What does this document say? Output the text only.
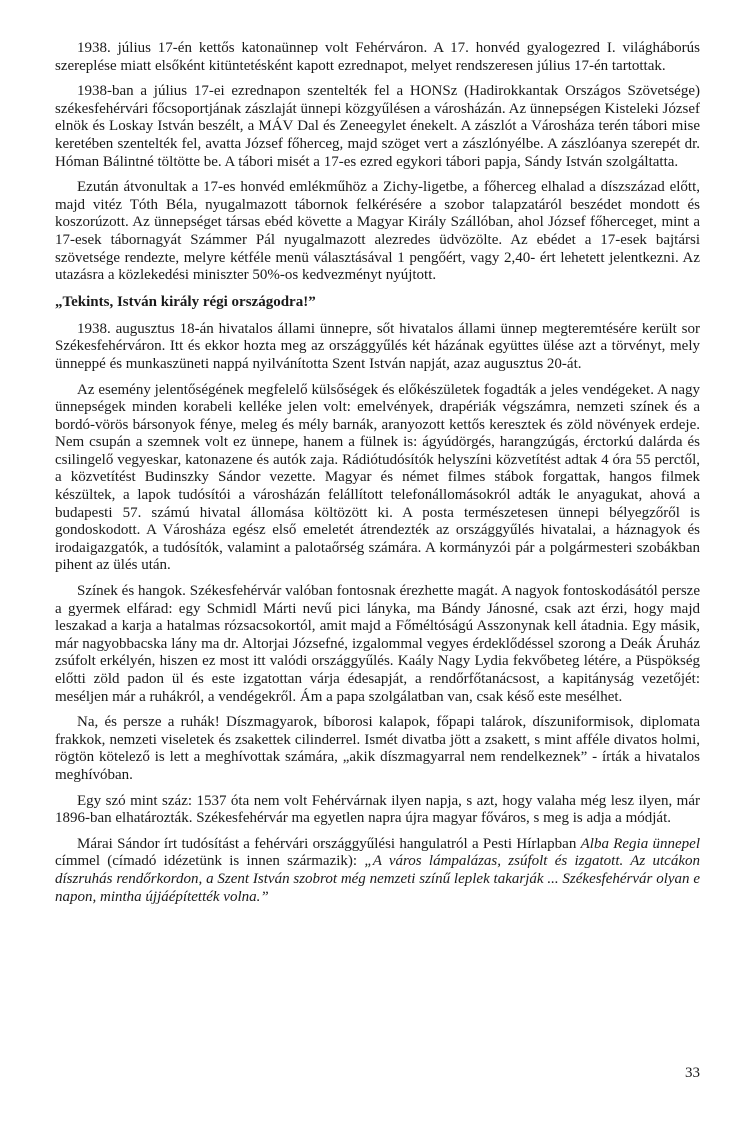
1938. július 17-én kettős katonaünnep volt Fehérváron. A 17. honvéd gyalogezred I. világháborús szereplése miatt elsőként kitüntetésként kapott ezrednapot, melyet rendszeresen július 17-én tartottak.

1938-ban a július 17-ei ezrednapon szentelték fel a HONSz (Hadirokkantak Országos Szövetsége) székesfehérvári főcsoportjának zászlaját ünnepi közgyűlésen a városházán. Az ünnepségen Kisteleki József elnök és Loskay István beszélt, a MÁV Dal és Zeneegylet énekelt. A zászlót a Városháza terén tábori mise keretében szentelték fel, avatta József főherceg, majd szöget vert a zászlónyélbe. A zászlóanya szerepét dr. Hóman Bálintné töltötte be. A tábori misét a 17-es ezred egykori tábori papja, Sándy István szolgáltatta.

Ezután átvonultak a 17-es honvéd emlékműhöz a Zichy-ligetbe, a főherceg elhalad a díszszázad előtt, majd vitéz Tóth Béla, nyugalmazott tábornok felkérésére a szobor talapzatáról beszédet mondott és koszorúzott. Az ünnepséget társas ebéd követte a Magyar Király Szállóban, ahol József főherceget, mint a 17-esek tábornagyát Számmer Pál nyugalmazott alezredes üdvözölte. Az ebédet a 17-esek bajtársi szövetsége rendezte, melyre kétféle menü választásával 1 pengőért, vagy 2,40- ért lehetett jelentkezni. Az utazásra a közlekedési miniszter 50%-os kedvezményt nyújtott.

„Tekints, István király régi országodra!”

1938. augusztus 18-án hivatalos állami ünnepre, sőt hivatalos állami ünnep megteremtésére került sor Székesfehérváron. Itt és ekkor hozta meg az országgyűlés két házának együttes ülése azt a törvényt, mely ünneppé és munkaszüneti nappá nyilvánította Szent István napját, azaz augusztus 20-át.

Az esemény jelentőségének megfelelő külsőségek és előkészületek fogadták a jeles vendégeket. A nagy ünnepségek minden korabeli kelléke jelen volt: emelvények, drapériák végszámra, nemzeti színek és a bordó-vörös bársonyok fénye, meleg és mély barnák, aranyozott kettős keresztek és zöld növények erdeje. Nem csupán a szemnek volt ez ünnepe, hanem a fülnek is: ágyúdörgés, harangzúgás, érctorkú dalárda és csilingelő vegyeskar, katonazene és autók zaja. Rádiótudósítók helyszíni közvetítést adtak 4 óra 55 perctől, a közvetítést Budinszky Sándor vezette. Magyar és német filmes stábok forgattak, hangos filmek készültek, a lapok tudósítói a városházán felállított telefonállomásokról adták le anyagukat, ahová a budapesti 57. számú hivatal állomása költözött ki. A posta természetesen ünnepi bélyegzőről is gondoskodott. A Városháza egész első emeletét átrendezték az országgyűlés hivatalai, a háznagyok és irodaigazgatók, a tudósítók, valamint a palotaőrség számára. A kormányzói pár a polgármesteri szobákban pihent az ülés után.

Színek és hangok. Székesfehérvár valóban fontosnak érezhette magát. A nagyok fontoskodásától persze a gyermek elfárad: egy Schmidl Márti nevű pici lányka, ma Bándy Jánosné, csak azt érzi, hogy majd leszakad a karja a hatalmas rózsacsokortól, amit majd a Főméltóságú Asszonynak kell átadnia. Egy másik, már nagyobbacska lány ma dr. Altorjai Józsefné, izgalommal vegyes érdeklődéssel szorong a Deák Áruház zsúfolt erkélyén, hiszen ez most itt valódi országgyűlés. Kaály Nagy Lydia fekvőbeteg létére, a Püspökség előtti zöld padon ül és este izgatottan várja édesapját, a rendőrfőtanácsost, a kapitányság vezetőjét: meséljen már a ruhákról, a vendégekről. Ám a papa szolgálatban van, csak késő este mesélhet.

Na, és persze a ruhák! Díszmagyarok, bíborosi kalapok, főpapi talárok, díszuniformisok, diplomata frakkok, nemzeti viseletek és zsakettek cilinderrel. Ismét divatba jött a zsakett, s mint afféle divatos holmi, rögtön kötelező is lett a meghívottak számára, „akik díszmagyarral nem rendelkeznek” - írták a hivatalos meghívóban.

Egy szó mint száz: 1537 óta nem volt Fehérvárnak ilyen napja, s azt, hogy valaha még lesz ilyen, már 1896-ban elhatározták. Székesfehérvár ma egyetlen napra újra magyar főváros, s meg is adja a módját.

Márai Sándor írt tudósítást a fehérvári országgyűlési hangulatról a Pesti Hírlapban Alba Regia ünnepel címmel (címadó idézetünk is innen származik): „A város lámpalázas, zsúfolt és izgatott. Az utcákon díszruhás rendőrkordon, a Szent István szobrot még nemzeti színű leplek takarják ... Székesfehérvár olyan e napon, mintha újjáépítették volna.”

33
